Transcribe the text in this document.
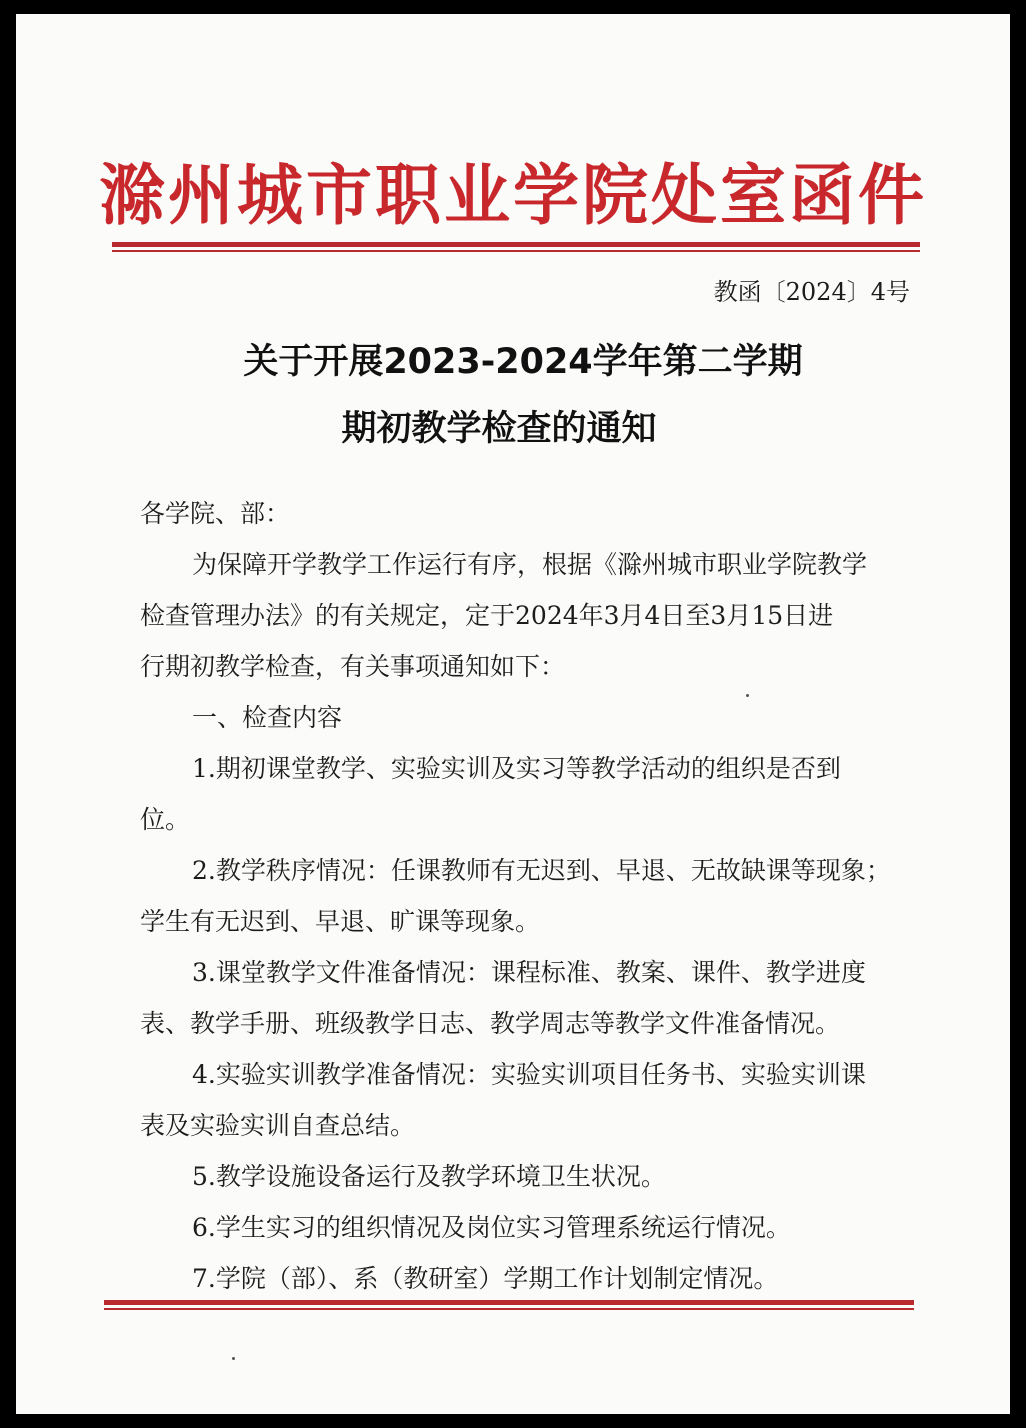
滁州城市职业学院处室函件
教函〔2024〕4号
关于开展2023-2024学年第二学期
期初教学检查的通知
各学院、部：
为保障开学教学工作运行有序，根据《滁州城市职业学院教学
检查管理办法》的有关规定，定于2024年3月4日至3月15日进
行期初教学检查，有关事项通知如下：
一、检查内容
1.期初课堂教学、实验实训及实习等教学活动的组织是否到
位。
2.教学秩序情况：任课教师有无迟到、早退、无故缺课等现象；
学生有无迟到、早退、旷课等现象。
3.课堂教学文件准备情况：课程标准、教案、课件、教学进度
表、教学手册、班级教学日志、教学周志等教学文件准备情况。
4.实验实训教学准备情况：实验实训项目任务书、实验实训课
表及实验实训自查总结。
5.教学设施设备运行及教学环境卫生状况。
6.学生实习的组织情况及岗位实习管理系统运行情况。
7.学院（部）、系（教研室）学期工作计划制定情况。
